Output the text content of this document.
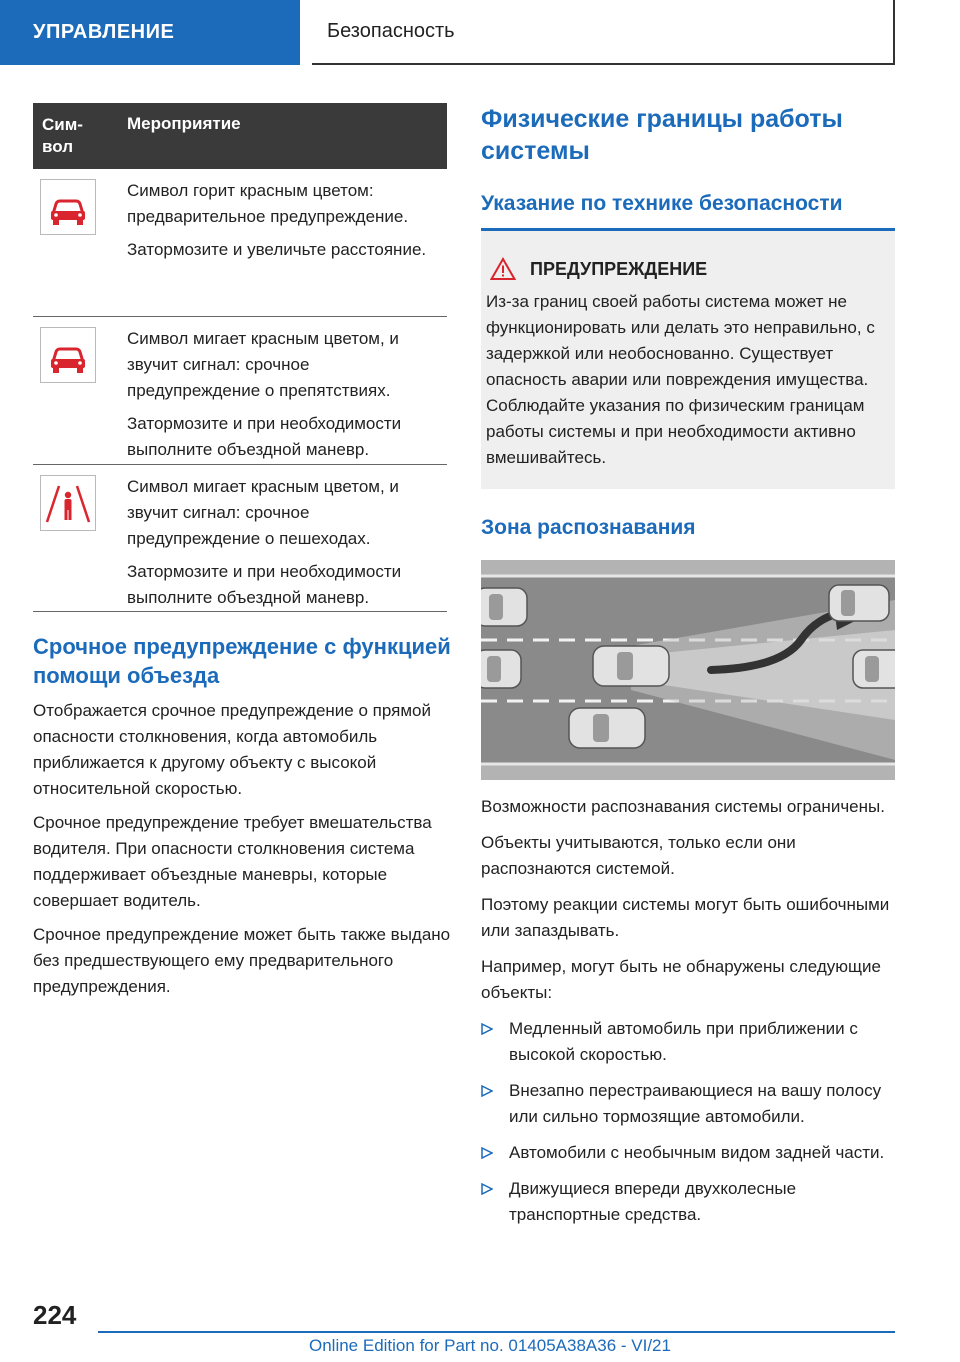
УПРАВЛЕНИЕ	Безопасность
Сим-
вол
Мероприятие

Символ горит красным цветом: предварительное предупреждение.

Затормозите и увеличьте расстояние.

Символ мигает красным цветом, и звучит сигнал: срочное предупреждение о препятствиях.

Затормозите и при необходимости выполните объездной маневр.

Символ мигает красным цветом, и звучит сигнал: срочное предупреждение о пешеходах.

Затормозите и при необходимости выполните объездной маневр.

Срочное предупреждение с функцией помощи объезда

Отображается срочное предупреждение о прямой опасности столкновения, когда автомобиль приближается к другому объекту с высокой относительной скоростью.

Срочное предупреждение требует вмешательства водителя. При опасности столкновения система поддерживает объездные маневры, которые совершает водитель.

Срочное предупреждение может быть также выдано без предшествующего ему предварительного предупреждения.

Физические границы работы системы
Указание по технике безопасности
ПРЕДУПРЕЖДЕНИЕ
Из-за границ своей работы система может не функционировать или делать это неправильно, с задержкой или необоснованно. Существует опасность аварии или повреждения имущества. Соблюдайте указания по физическим границам работы системы и при необходимости активно вмешивайтесь.
Зона распознавания

Возможности распознавания системы ограничены.

Объекты учитываются, только если они распознаются системой.

Поэтому реакции системы могут быть ошибочными или запаздывать.

Например, могут быть не обнаружены следующие объекты:

Медленный автомобиль при приближении с высокой скоростью.
Внезапно перестраивающиеся на вашу полосу или сильно тормозящие автомобили.
Автомобили с необычным видом задней части.
Движущиеся впереди двухколесные транспортные средства.
224
Online Edition for Part no. 01405A38A36 - VI/21
